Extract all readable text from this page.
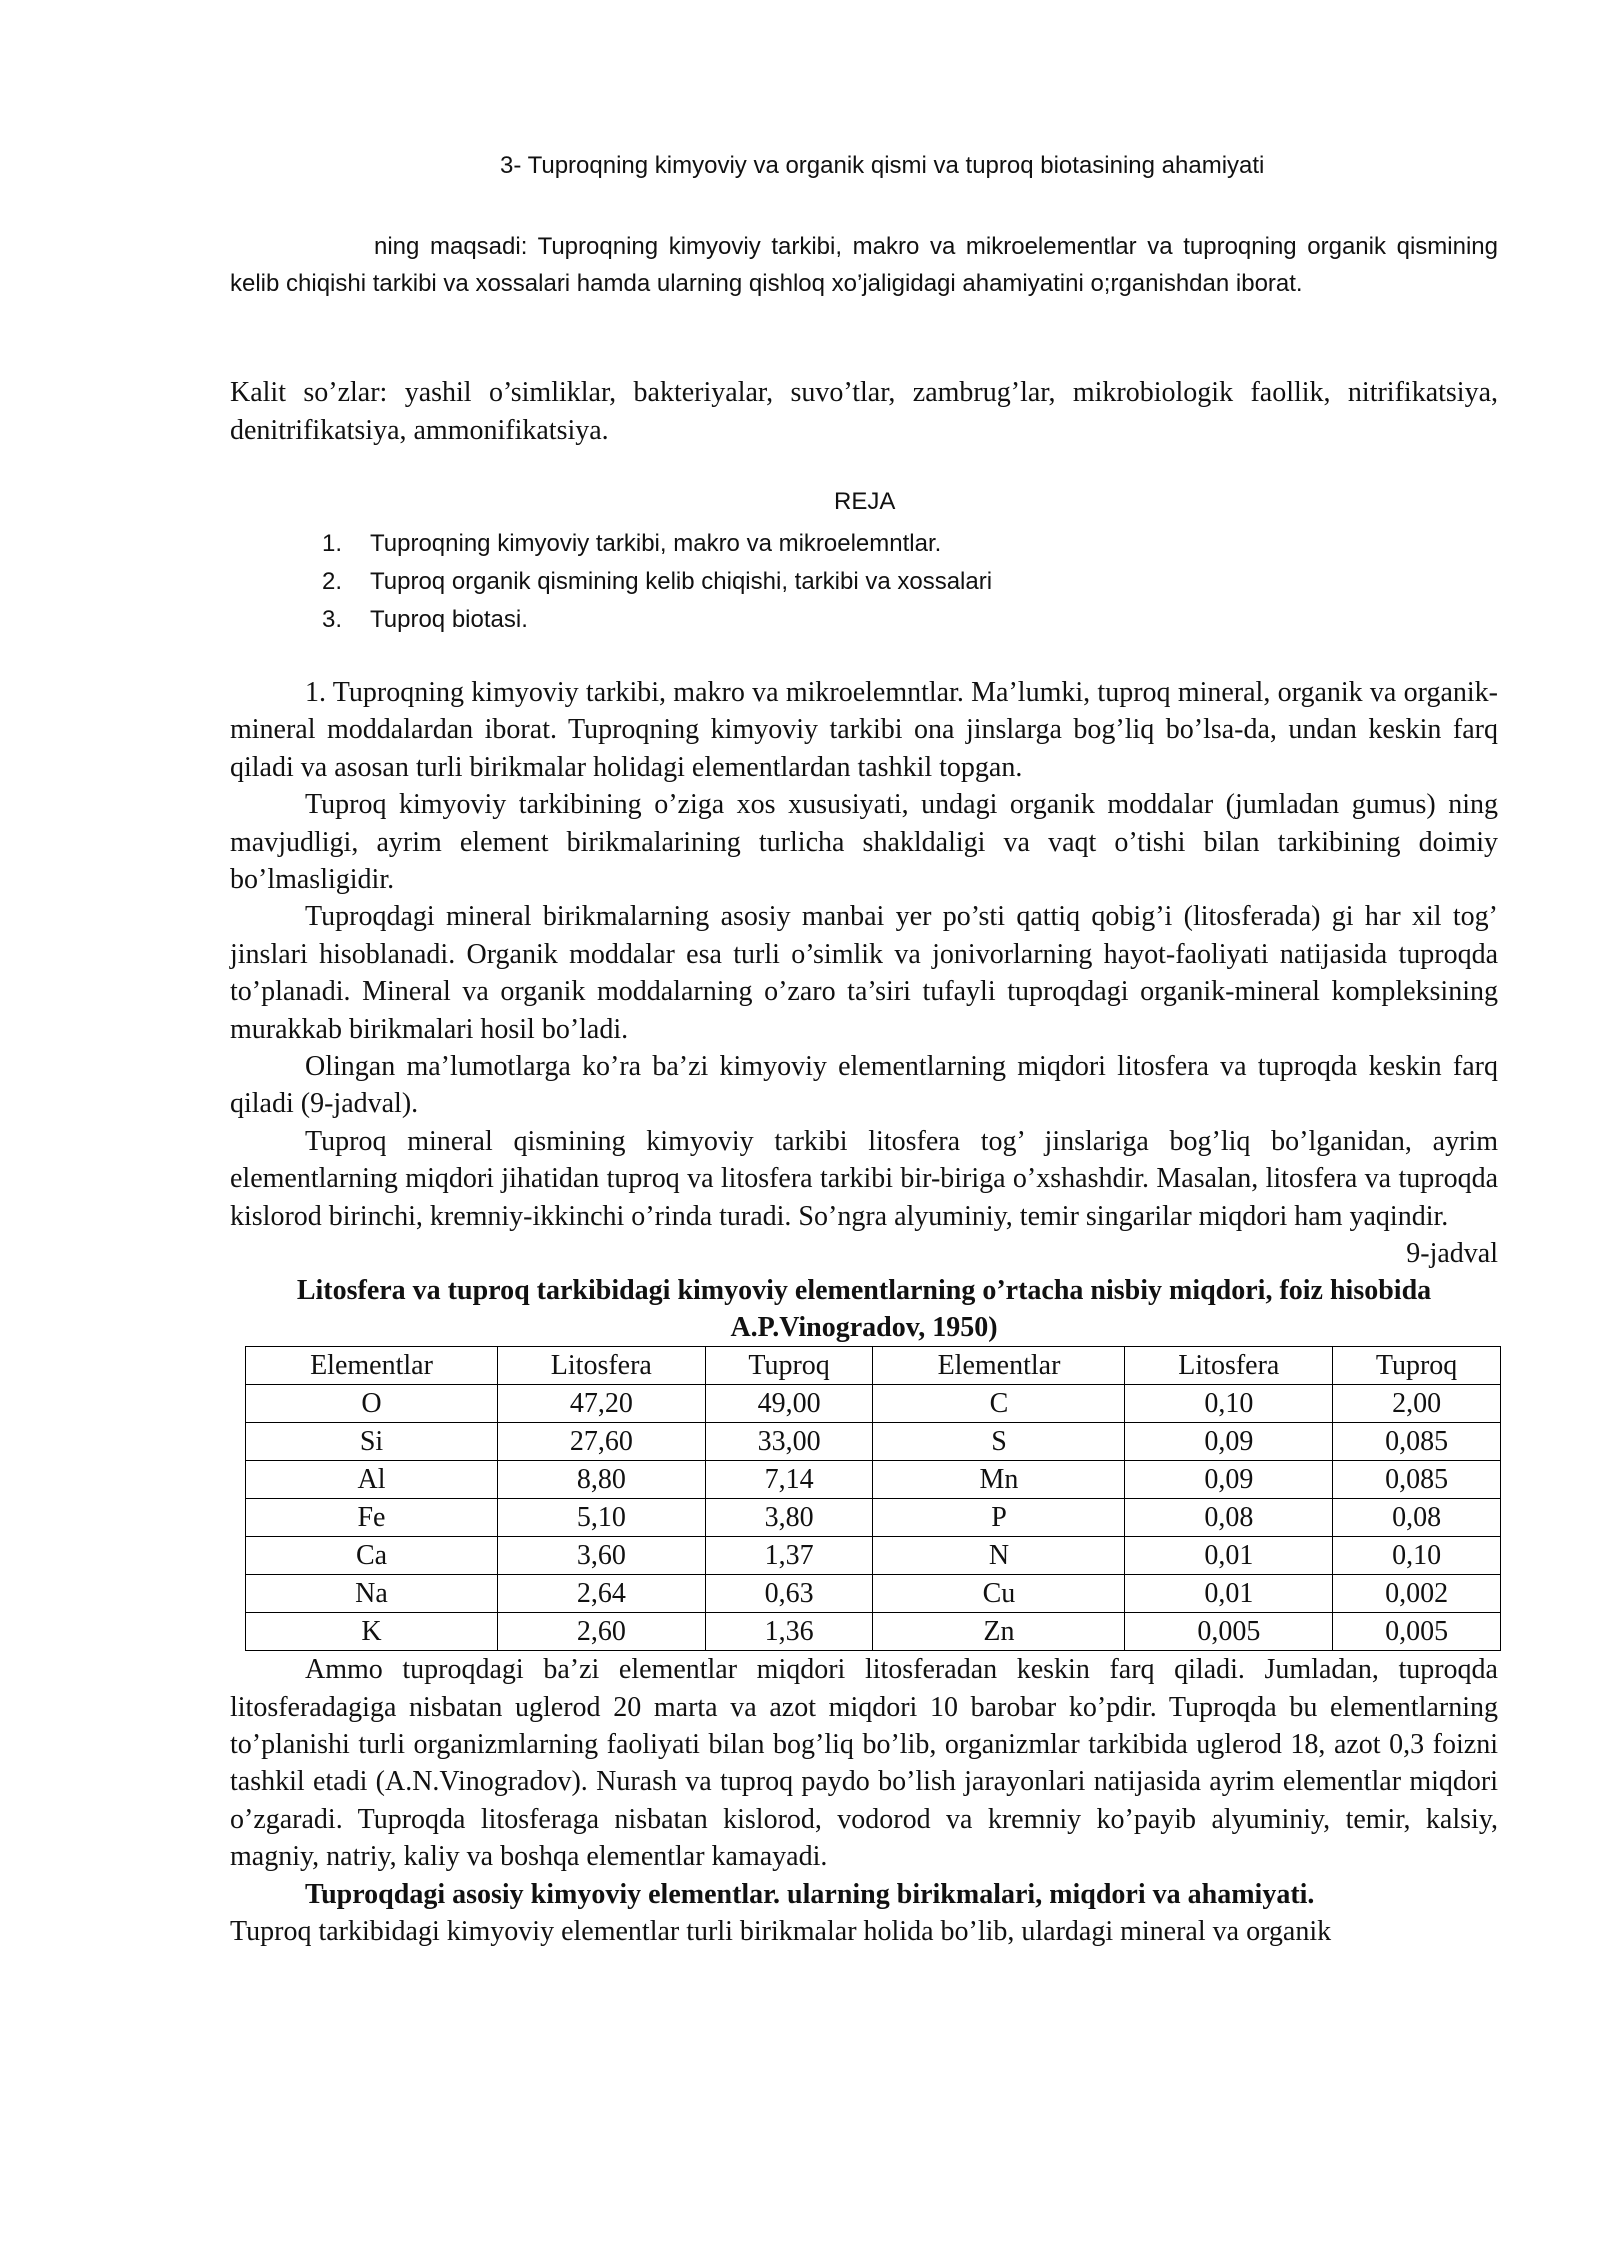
3- Tuproqning kimyoviy va organik qismi va tuproq biotasining ahamiyati
ning maqsadi: Tuproqning kimyoviy tarkibi, makro va mikroelementlar va tuproqning organik qismining kelib chiqishi tarkibi va xossalari hamda ularning qishloq xo’jaligidagi ahamiyatini o;rganishdan iborat.
Kalit so’zlar: yashil o’simliklar, bakteriyalar, suvo’tlar, zambrug’lar, mikrobiologik faollik, nitrifikatsiya, denitrifikatsiya, ammonifikatsiya.
REJA
1. Tuproqning kimyoviy tarkibi, makro va mikroelemntlar.
2. Tuproq organik qismining kelib chiqishi, tarkibi va xossalari
3. Tuproq biotasi.

1. Tuproqning kimyoviy tarkibi, makro va mikroelemntlar. Ma’lumki, tuproq mineral, organik va organik-mineral moddalardan iborat. Tuproqning kimyoviy tarkibi ona jinslarga bog’liq bo’lsa-da, undan keskin farq qiladi va asosan turli birikmalar holidagi elementlardan tashkil topgan.

Tuproq kimyoviy tarkibining o’ziga xos xususiyati, undagi organik moddalar (jumladan gumus) ning mavjudligi, ayrim element birikmalarining turlicha shakldaligi va vaqt o’tishi bilan tarkibining doimiy bo’lmasligidir.

Tuproqdagi mineral birikmalarning asosiy manbai yer po’sti qattiq qobig’i (litosferada) gi har xil tog’ jinslari hisoblanadi. Organik moddalar esa turli o’simlik va jonivorlarning hayot-faoliyati natijasida tuproqda to’planadi. Mineral va organik moddalarning o’zaro ta’siri tufayli tuproqdagi organik-mineral kompleksining murakkab birikmalari hosil bo’ladi.

Olingan ma’lumotlarga ko’ra ba’zi kimyoviy elementlarning miqdori litosfera va tuproqda keskin farq qiladi (9-jadval).

Tuproq mineral qismining kimyoviy tarkibi litosfera tog’ jinslariga bog’liq bo’lganidan, ayrim elementlarning miqdori jihatidan tuproq va litosfera tarkibi bir-biriga o’xshashdir. Masalan, litosfera va tuproqda kislorod birinchi, kremniy-ikkinchi o’rinda turadi. So’ngra alyuminiy, temir singarilar miqdori ham yaqindir.

9-jadval
Litosfera va tuproq tarkibidagi kimyoviy elementlarning o’rtacha nisbiy miqdori, foiz hisobida A.P.Vinogradov, 1950)
Elementlar	Litosfera	Tuproq	Elementlar	Litosfera	Tuproq
O	47,20	49,00	C	0,10	2,00
Si	27,60	33,00	S	0,09	0,085
Al	8,80	7,14	Mn	0,09	0,085
Fe	5,10	3,80	P	0,08	0,08
Ca	3,60	1,37	N	0,01	0,10
Na	2,64	0,63	Cu	0,01	0,002
K	2,60	1,36	Zn	0,005	0,005

Ammo tuproqdagi ba’zi elementlar miqdori litosferadan keskin farq qiladi. Jumladan, tuproqda litosferadagiga nisbatan uglerod 20 marta va azot miqdori 10 barobar ko’pdir. Tuproqda bu elementlarning to’planishi turli organizmlarning faoliyati bilan bog’liq bo’lib, organizmlar tarkibida uglerod 18, azot 0,3 foizni tashkil etadi (A.N.Vinogradov). Nurash va tuproq paydo bo’lish jarayonlari natijasida ayrim elementlar miqdori o’zgaradi. Tuproqda litosferaga nisbatan kislorod, vodorod va kremniy ko’payib alyuminiy, temir, kalsiy, magniy, natriy, kaliy va boshqa elementlar kamayadi.

Tuproqdagi asosiy kimyoviy elementlar. ularning birikmalari, miqdori va ahamiyati.

Tuproq tarkibidagi kimyoviy elementlar turli birikmalar holida bo’lib, ulardagi mineral va organik
